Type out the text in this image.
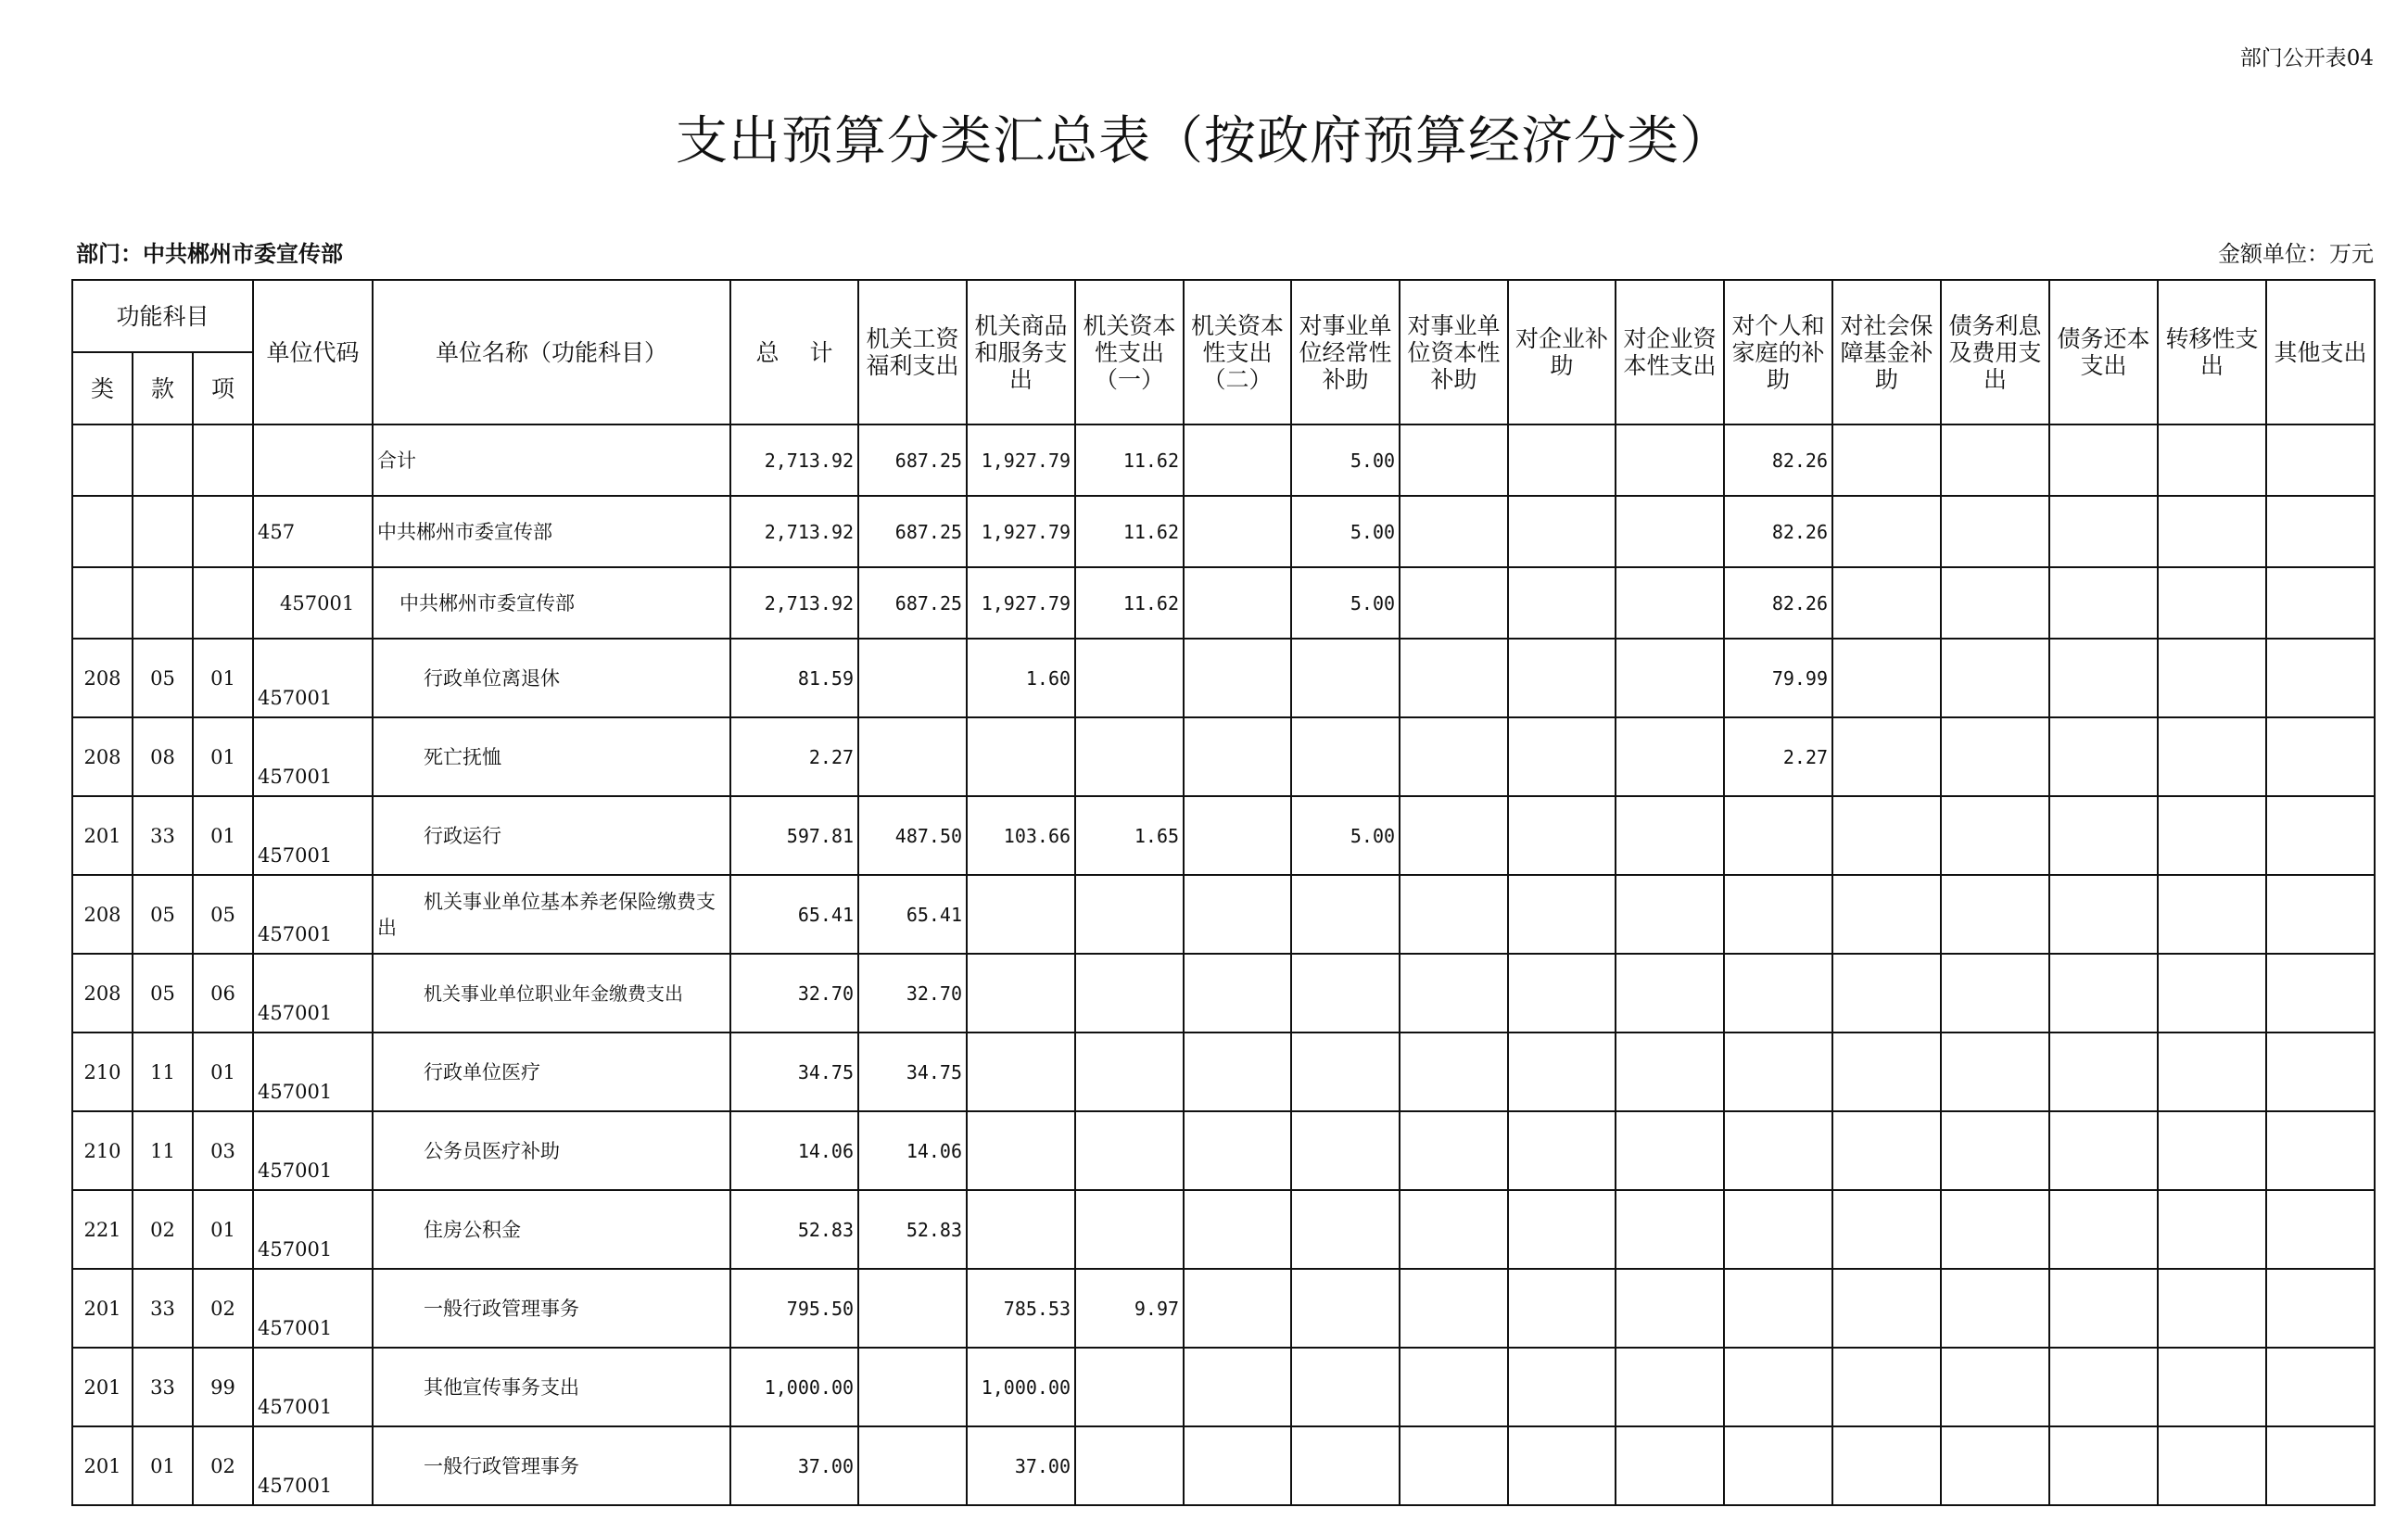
部门公开表04
支出预算分类汇总表（按政府预算经济分类）
部门：中共郴州市委宣传部	金额单位：万元
功能科目			单位代码	单位名称（功能科目）	总　 计	机关工资福利支出	机关商品和服务支出	机关资本性支出（一）	机关资本性支出（二）	对事业单位经常性补助	对事业单位资本性补助	对企业补助	对企业资本性支出	对个人和家庭的补助	对社会保障基金补助	债务利息及费用支出	债务还本支出	转移性支出	其他支出
类	款	项																	
				合计	2,713.92	687.25	1,927.79	11.62		5.00				82.26					
			457	中共郴州市委宣传部	2,713.92	687.25	1,927.79	11.62		5.00				82.26					
			457001	中共郴州市委宣传部	2,713.92	687.25	1,927.79	11.62		5.00				82.26					
208	05	01	457001	行政单位离退休	81.59		1.60							79.99					
208	08	01	457001	死亡抚恤	2.27									2.27					
201	33	01	457001	行政运行	597.81	487.50	103.66	1.65		5.00									
208	05	05	457001	机关事业单位基本养老保险缴费支出	65.41	65.41													
208	05	06	457001	机关事业单位职业年金缴费支出	32.70	32.70													
210	11	01	457001	行政单位医疗	34.75	34.75													
210	11	03	457001	公务员医疗补助	14.06	14.06													
221	02	01	457001	住房公积金	52.83	52.83													
201	33	02	457001	一般行政管理事务	795.50		785.53	9.97											
201	33	99	457001	其他宣传事务支出	1,000.00		1,000.00												
201	01	02	457001	一般行政管理事务	37.00		37.00												
